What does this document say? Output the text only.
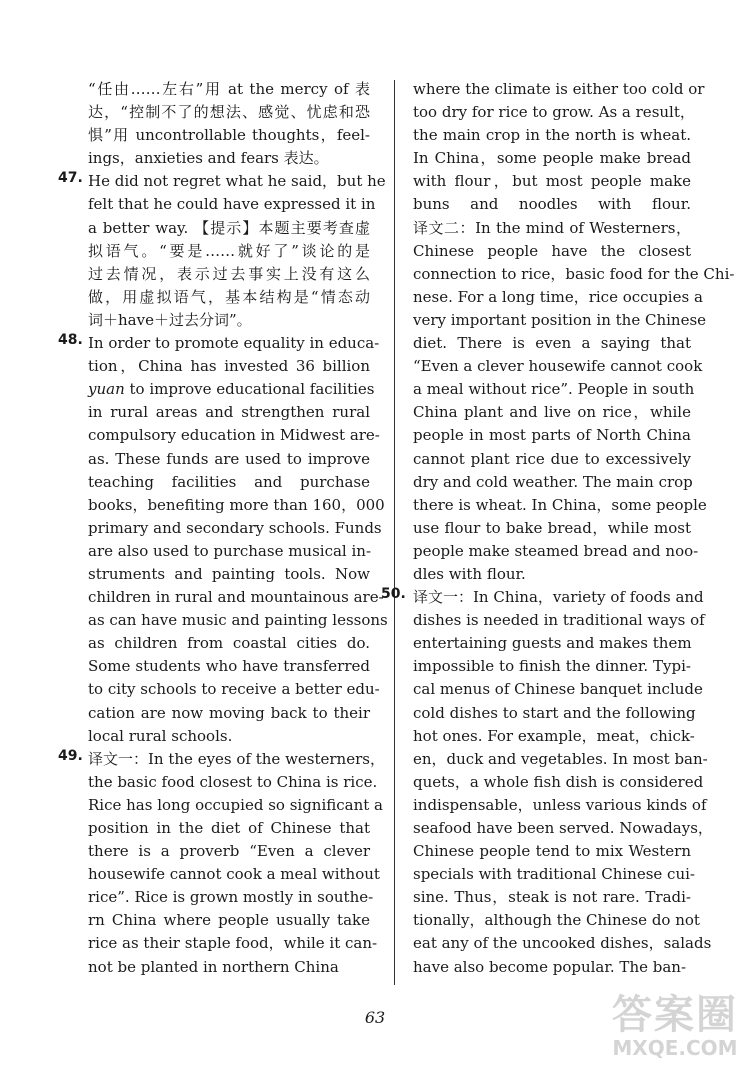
“任由……左右”用 at the mercy of 表
达，“控制不了的想法、感觉、忧虑和恐
惧”用 uncontrollable thoughts，feel-
ings，anxieties and fears 表达。
47. He did not regret what he said，but he
felt that he could have expressed it in
a better way. 【提示】本题主要考查虚
拟语气。“要是……就好了”谈论的是
过去情况，表示过去事实上没有这么
做，用虚拟语气，基本结构是“情态动
词＋have＋过去分词”。
48. In order to promote equality in educa-
tion，China has invested 36 billion
yuan to improve educational facilities
in rural areas and strengthen rural
compulsory education in Midwest are-
as. These funds are used to improve
teaching facilities and purchase
books，benefiting more than 160，000
primary and secondary schools. Funds
are also used to purchase musical in-
struments and painting tools. Now
children in rural and mountainous are-
as can have music and painting lessons
as children from coastal cities do.
Some students who have transferred
to city schools to receive a better edu-
cation are now moving back to their
local rural schools.
49. 译文一：In the eyes of the westerners，
the basic food closest to China is rice.
Rice has long occupied so significant a
position in the diet of Chinese that
there is a proverb “Even a clever
housewife cannot cook a meal without
rice”. Rice is grown mostly in southe-
rn China where people usually take
rice as their staple food，while it can-
not be planted in northern China
where the climate is either too cold or
too dry for rice to grow. As a result，
the main crop in the north is wheat.
In China，some people make bread
with flour，but most people make
buns and noodles with flour.
译文二：In the mind of Westerners，
Chinese people have the closest
connection to rice，basic food for the Chi-
nese. For a long time，rice occupies a
very important position in the Chinese
diet. There is even a saying that
“Even a clever housewife cannot cook
a meal without rice”. People in south
China plant and live on rice，while
people in most parts of North China
cannot plant rice due to excessively
dry and cold weather. The main crop
there is wheat. In China，some people
use flour to bake bread，while most
people make steamed bread and noo-
dles with flour.
50. 译文一：In China，variety of foods and
dishes is needed in traditional ways of
entertaining guests and makes them
impossible to finish the dinner. Typi-
cal menus of Chinese banquet include
cold dishes to start and the following
hot ones. For example，meat，chick-
en，duck and vegetables. In most ban-
quets，a whole fish dish is considered
indispensable，unless various kinds of
seafood have been served. Nowadays，
Chinese people tend to mix Western
specials with traditional Chinese cui-
sine. Thus，steak is not rare. Tradi-
tionally，although the Chinese do not
eat any of the uncooked dishes，salads
have also become popular. The ban-
63	答案圈
MXQE.COM
